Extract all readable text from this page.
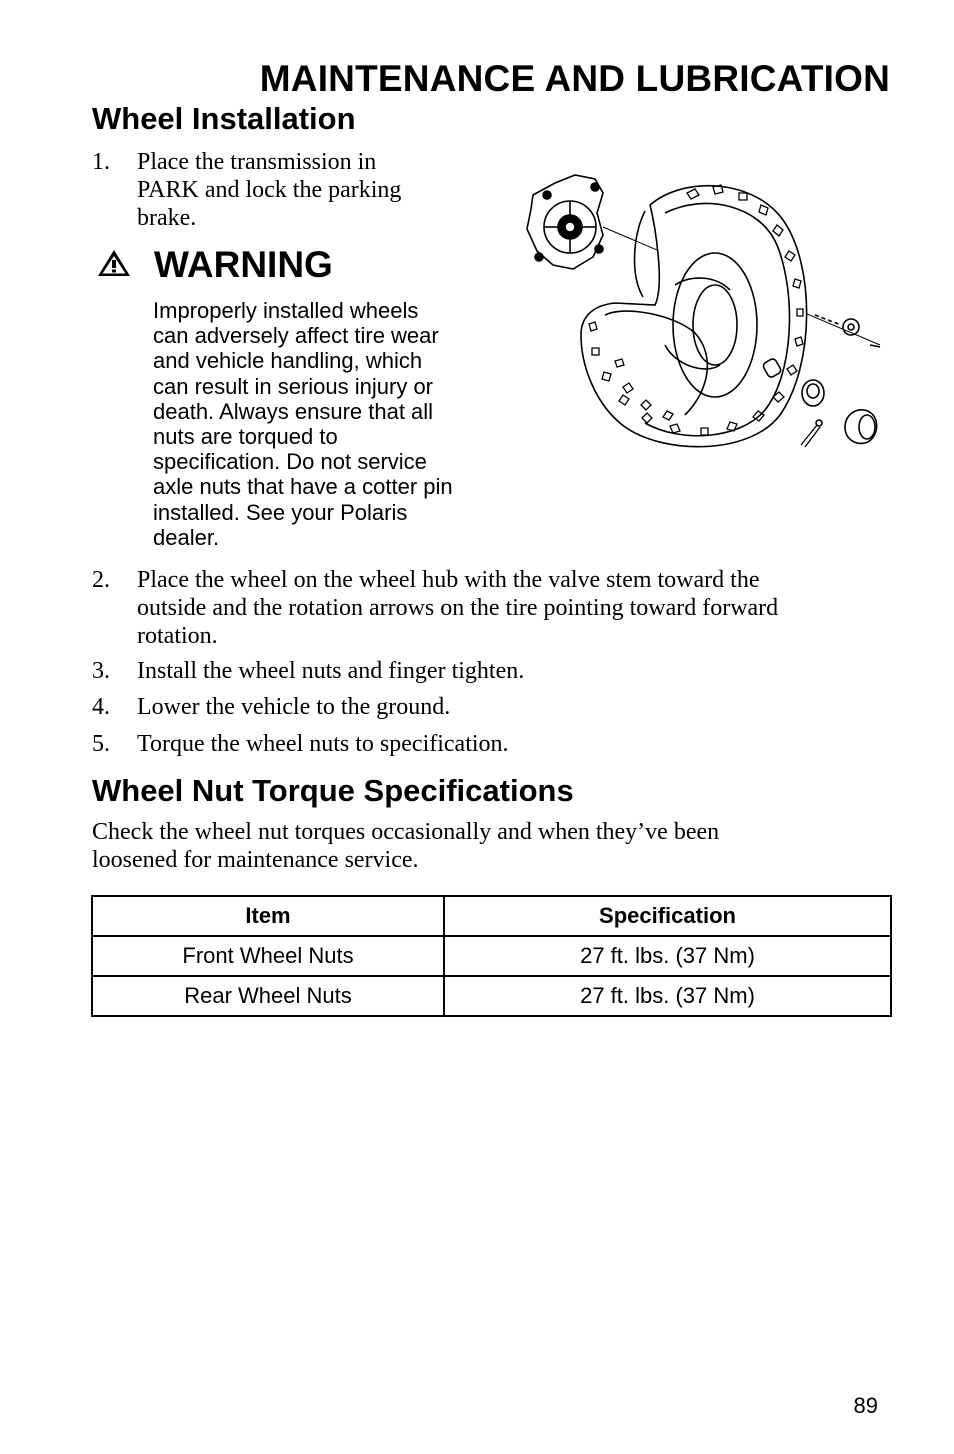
MAINTENANCE AND LUBRICATION
Wheel Installation
1. Place the transmission in
PARK and lock the parking
brake.
WARNING
Improperly installed wheels
can adversely affect tire wear
and vehicle handling, which
can result in serious injury or
death. Always ensure that all
nuts are torqued to
specification. Do not service
axle nuts that have a cotter pin
installed. See your Polaris
dealer.
2. Place the wheel on the wheel hub with the valve stem toward the
outside and the rotation arrows on the tire pointing toward forward
rotation.
3. Install the wheel nuts and finger tighten.
4. Lower the vehicle to the ground.
5. Torque the wheel nuts to specification.
Wheel Nut Torque Specifications
Check the wheel nut torques occasionally and when they’ve been
loosened for maintenance service.
Item	Specification
Front Wheel Nuts	27 ft. lbs. (37 Nm)
Rear Wheel Nuts	27 ft. lbs. (37 Nm)
89
